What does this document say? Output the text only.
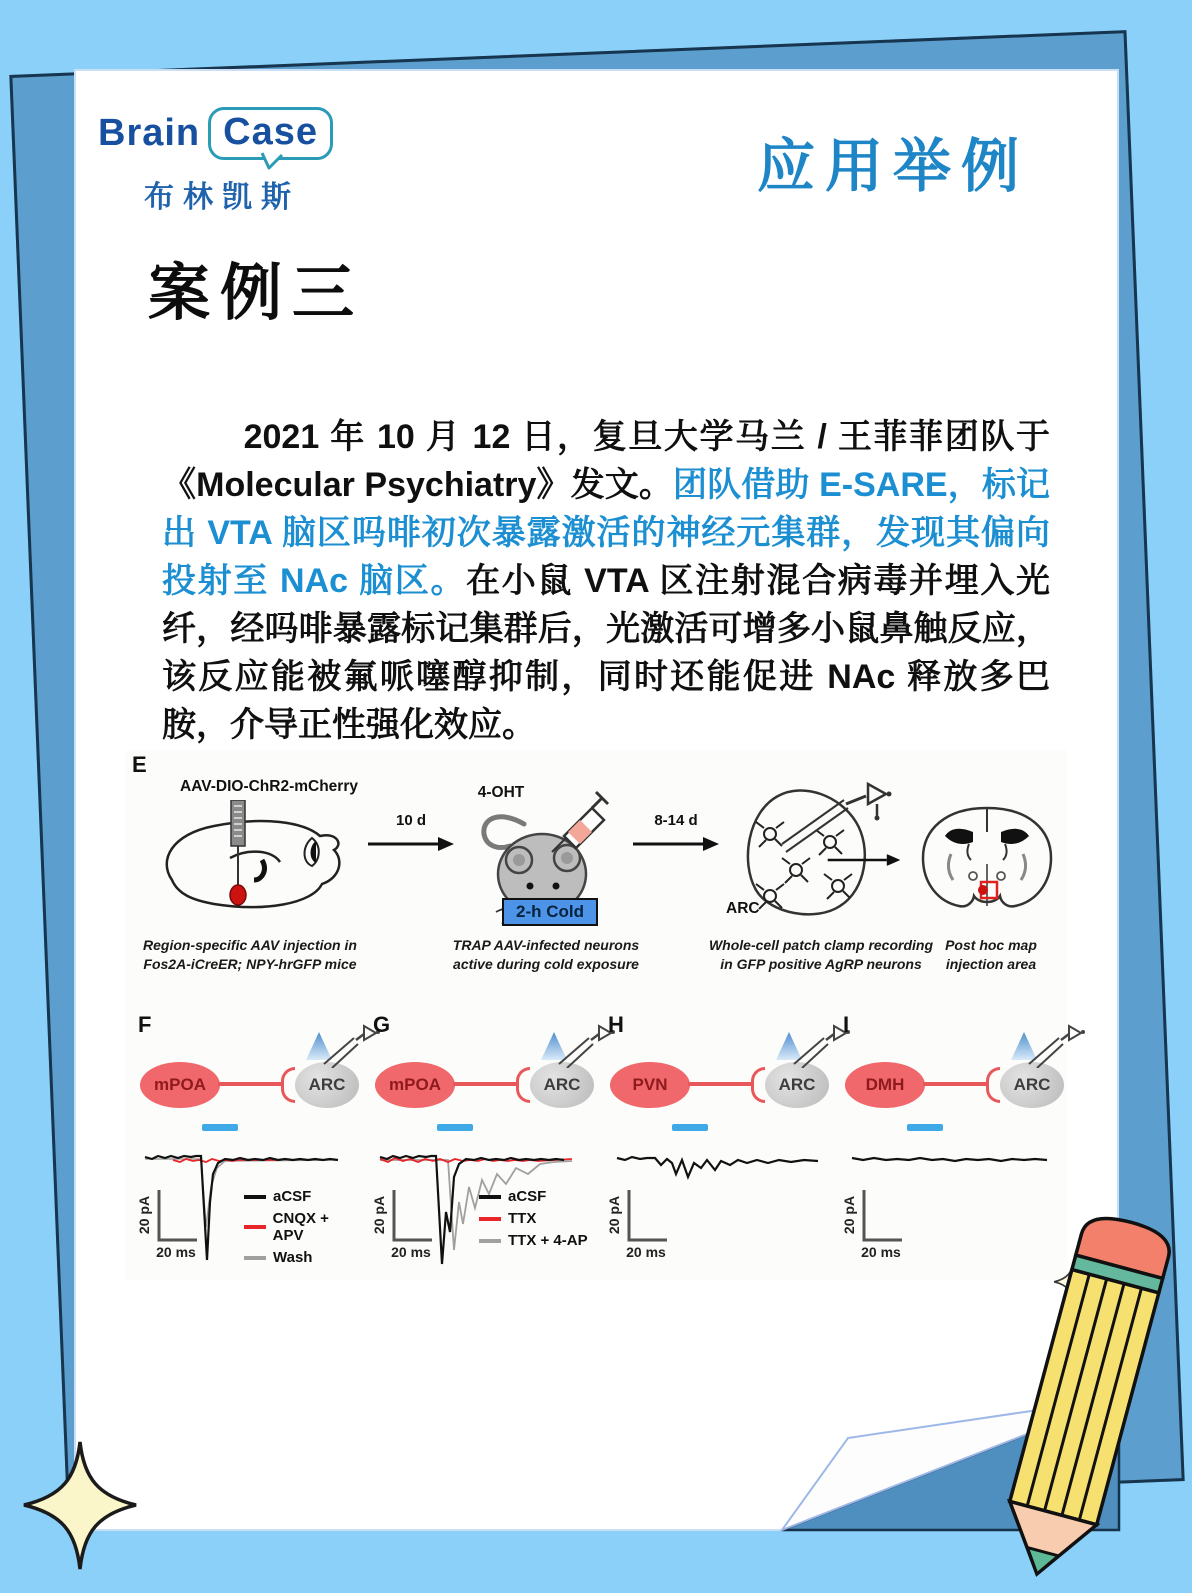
Brain Case
布林凯斯	应用举例
案例三

2021 年 10 月 12 日，复旦大学马兰 / 王菲菲团队于《Molecular Psychiatry》发文。团队借助 E-SARE，标记出 VTA 脑区吗啡初次暴露激活的神经元集群，发现其偏向投射至 NAc 脑区。在小鼠 VTA 区注射混合病毒并埋入光纤，经吗啡暴露标记集群后，光激活可增多小鼠鼻触反应，该反应能被氟哌噻醇抑制，同时还能促进 NAc 释放多巴胺，介导正性强化效应。

E
AAV-DIO-ChR2-mCherry
10 d
4-OHT
2-h Cold
8-14 d
ARC
Region-specific AAV injection in
Fos2A-iCreER; NPY-hrGFP mice
TRAP AAV-infected neurons
active during cold exposure
Whole-cell patch clamp recording
in GFP positive AgRP neurons
Post hoc map
injection area
F
mPOA	ARC
20 pA
20 ms
aCSF
CNQX + APV
Wash
G
mPOA	ARC
20 pA
20 ms
aCSF
TTX
TTX + 4-AP
H
PVN	ARC
20 pA
20 ms
I
DMH	ARC
20 pA
20 ms
